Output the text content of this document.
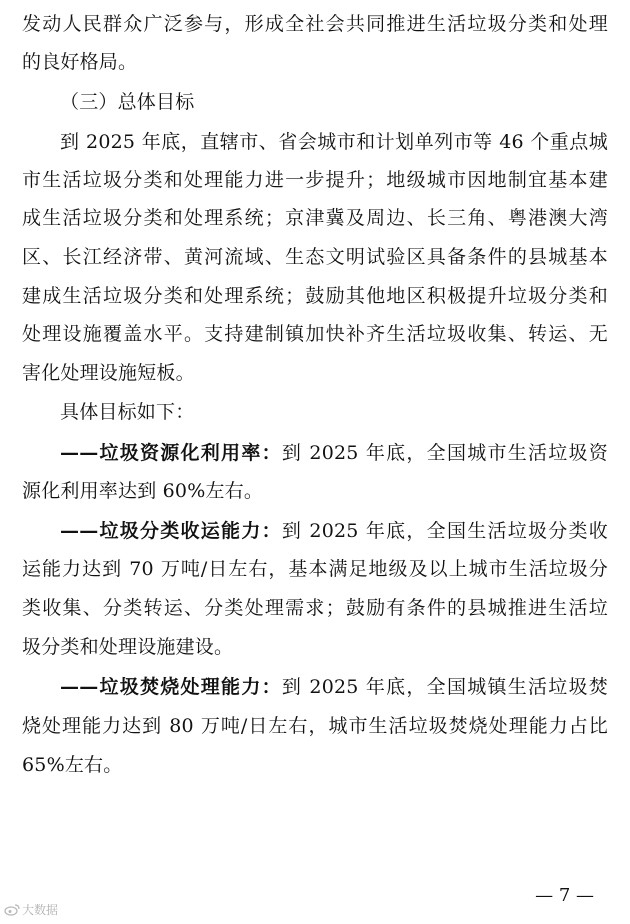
发动人民群众广泛参与，形成全社会共同推进生活垃圾分类和处理
的良好格局。
（三）总体目标
到 2025 年底，直辖市、省会城市和计划单列市等 46 个重点城
市生活垃圾分类和处理能力进一步提升；地级城市因地制宜基本建
成生活垃圾分类和处理系统；京津冀及周边、长三角、粤港澳大湾
区、长江经济带、黄河流域、生态文明试验区具备条件的县城基本
建成生活垃圾分类和处理系统；鼓励其他地区积极提升垃圾分类和
处理设施覆盖水平。支持建制镇加快补齐生活垃圾收集、转运、无
害化处理设施短板。
具体目标如下：
——垃圾资源化利用率：到 2025 年底，全国城市生活垃圾资
源化利用率达到 60%左右。
——垃圾分类收运能力：到 2025 年底，全国生活垃圾分类收
运能力达到 70 万吨/日左右，基本满足地级及以上城市生活垃圾分
类收集、分类转运、分类处理需求；鼓励有条件的县城推进生活垃
圾分类和处理设施建设。
——垃圾焚烧处理能力：到 2025 年底，全国城镇生活垃圾焚
烧处理能力达到 80 万吨/日左右，城市生活垃圾焚烧处理能力占比
65%左右。
— 7 —
大数据
